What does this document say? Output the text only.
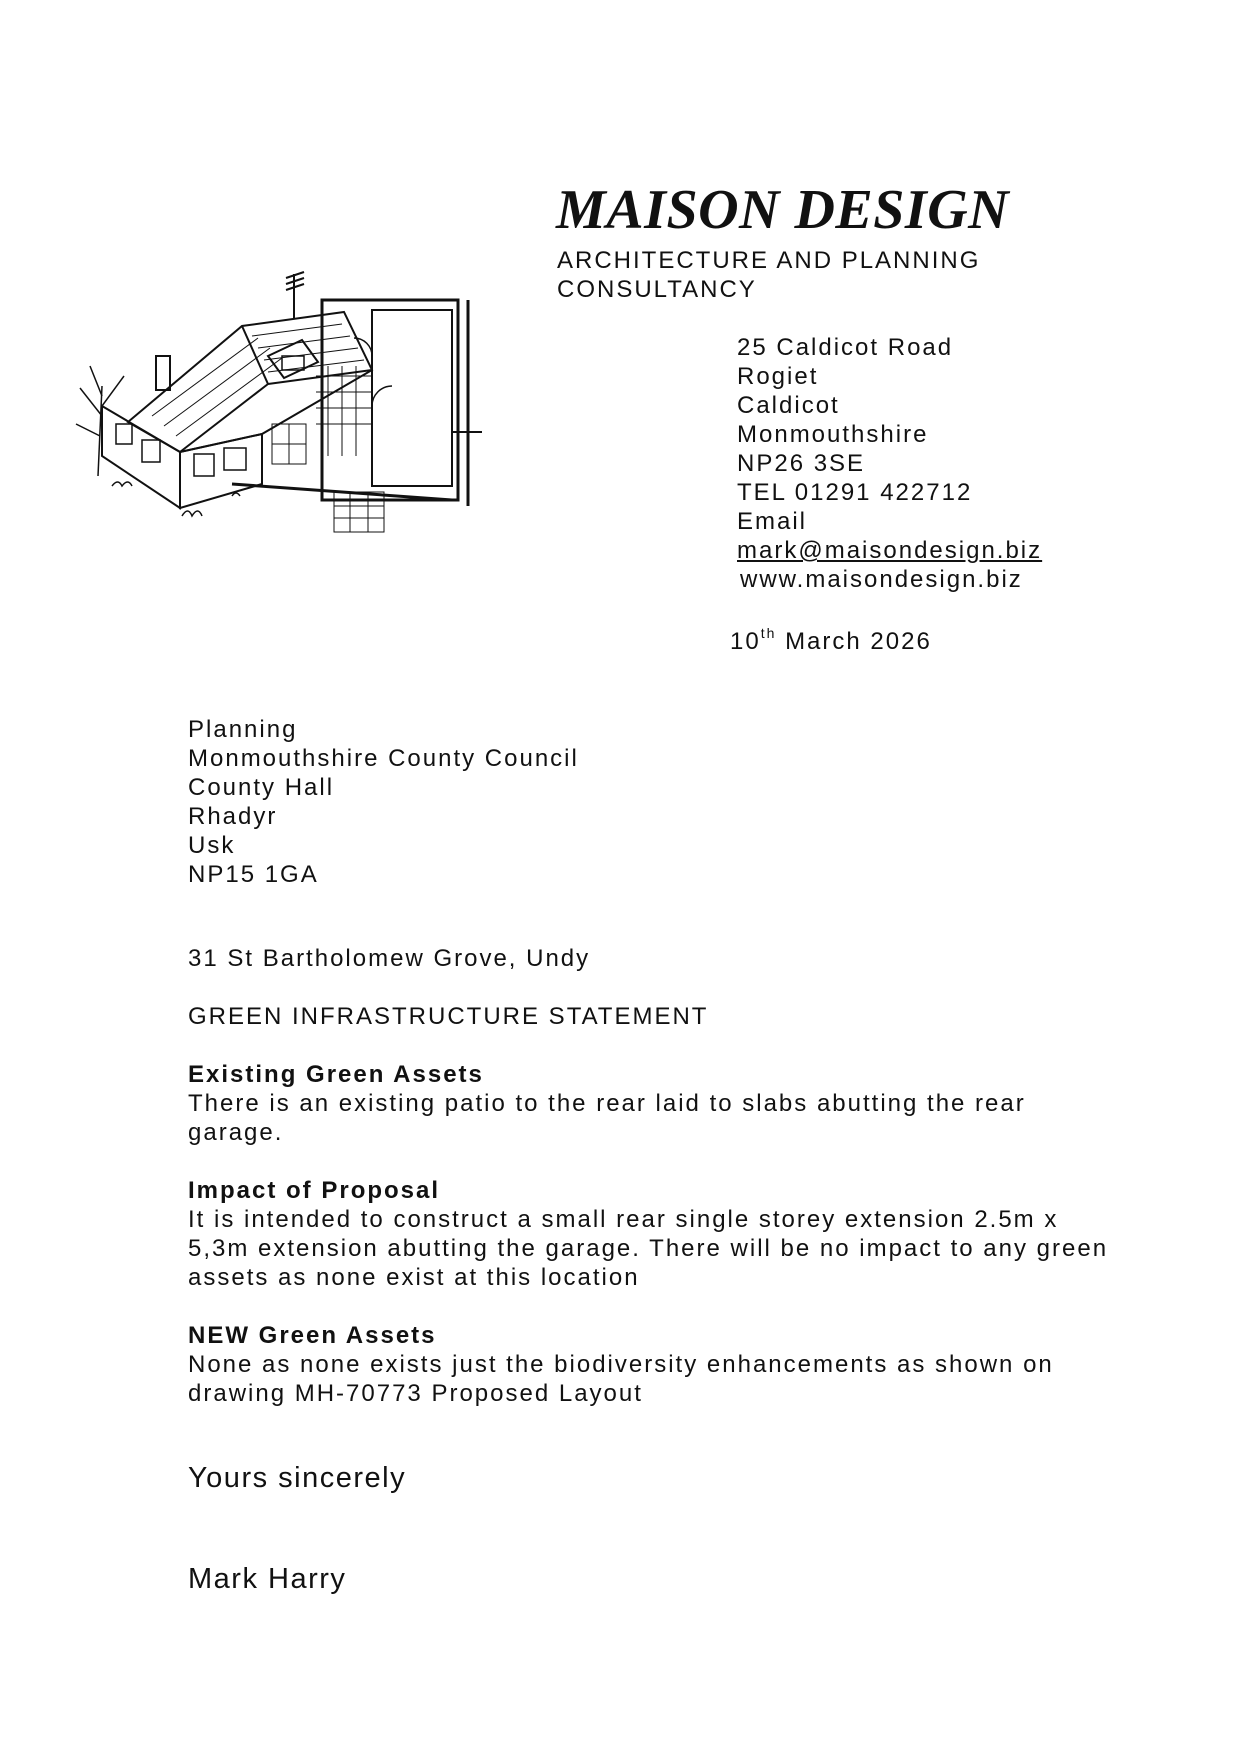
MAISON DESIGN
ARCHITECTURE AND PLANNING CONSULTANCY
25 Caldicot Road
Rogiet
Caldicot
Monmouthshire
NP26 3SE
TEL 01291 422712
Email
mark@maisondesign.biz
www.maisondesign.biz
10th March 2026
Planning
Monmouthshire County Council
County Hall
Rhadyr
Usk
NP15 1GA

31 St Bartholomew Grove, Undy

GREEN INFRASTRUCTURE STATEMENT

Existing Green Assets

There is an existing patio to the rear laid to slabs abutting the rear garage.

Impact of Proposal

It is intended to construct a small rear single storey extension 2.5m x 5,3m extension abutting the garage. There will be no impact to any green assets as none exist at this location

NEW Green Assets

None as none exists just the biodiversity enhancements as shown on drawing MH-70773 Proposed Layout

Yours sincerely
Mark Harry
